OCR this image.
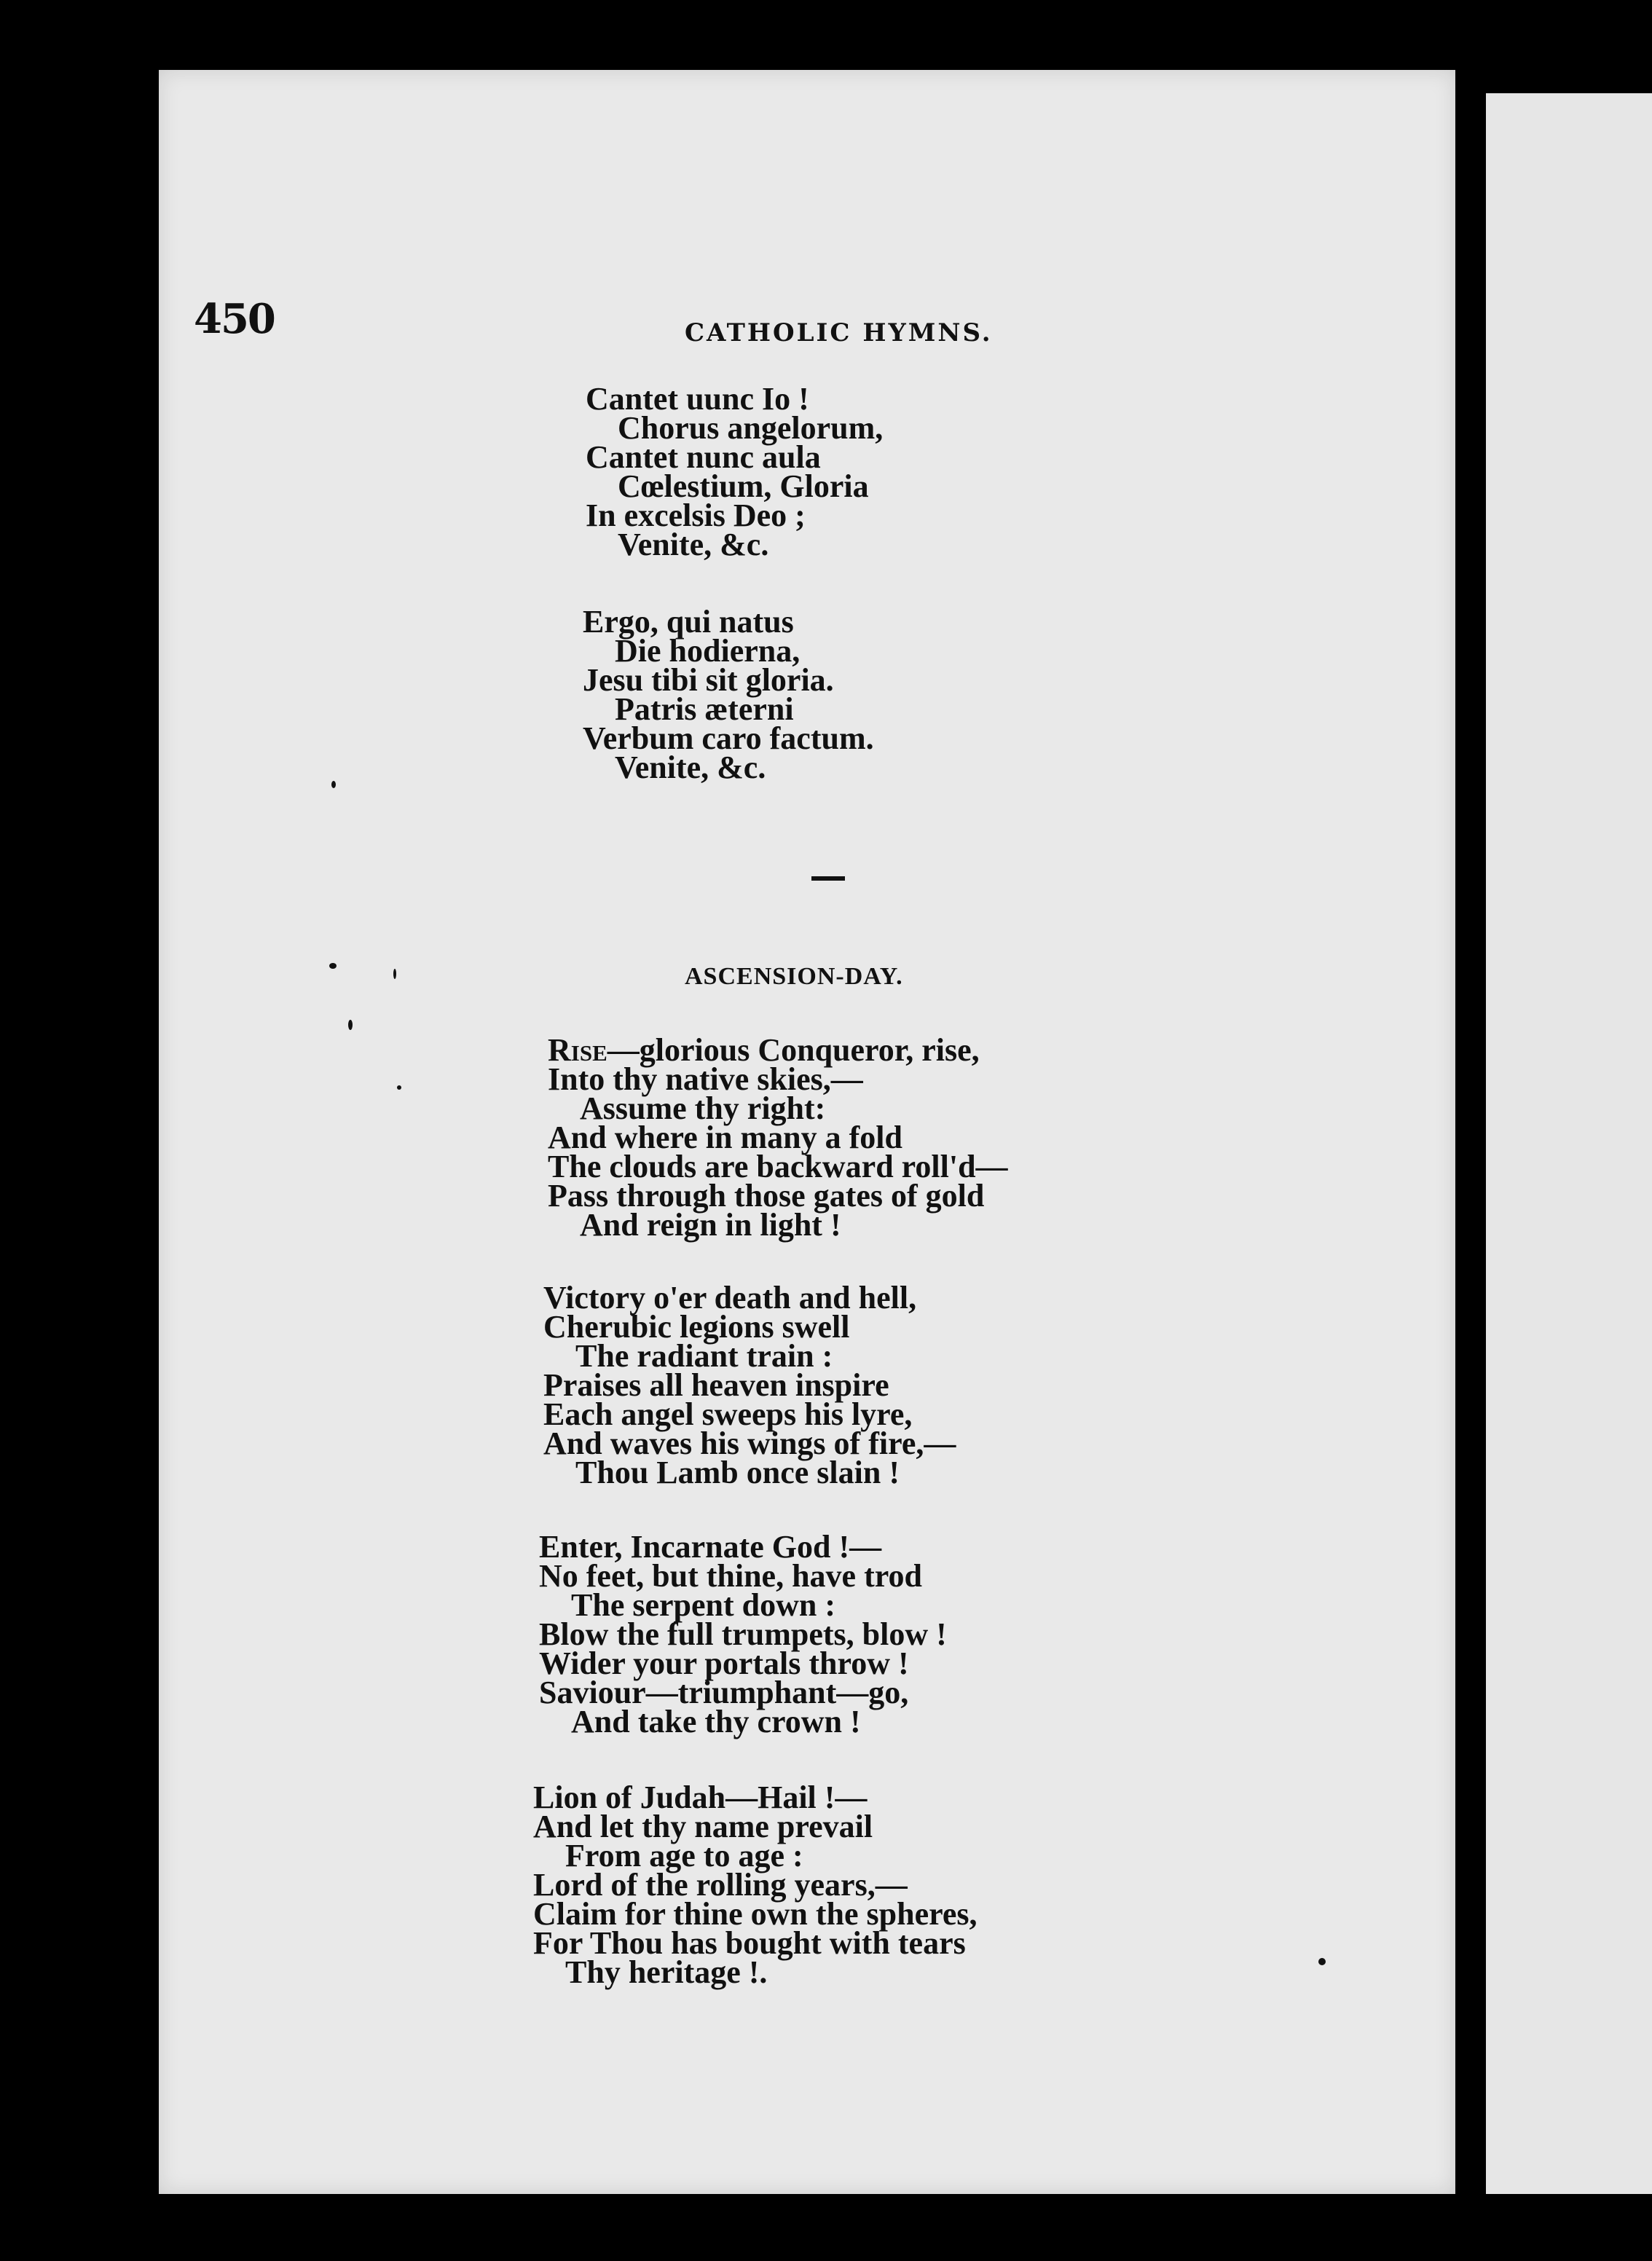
450	CATHOLIC HYMNS.
Cantet uunc Io !
Chorus angelorum,
Cantet nunc aula
Cœlestium, Gloria
In excelsis Deo ;
Venite, &c.
Ergo, qui natus
Die hodierna,
Jesu tibi sit gloria.
Patris æterni
Verbum caro factum.
Venite, &c.
ASCENSION-DAY.
Rise—glorious Conqueror, rise,
Into thy native skies,—
Assume thy right:
And where in many a fold
The clouds are backward roll'd—
Pass through those gates of gold
And reign in light !
Victory o'er death and hell,
Cherubic legions swell
The radiant train :
Praises all heaven inspire
Each angel sweeps his lyre,
And waves his wings of fire,—
Thou Lamb once slain !
Enter, Incarnate God !—
No feet, but thine, have trod
The serpent down :
Blow the full trumpets, blow !
Wider your portals throw !
Saviour—triumphant—go,
And take thy crown !
Lion of Judah—Hail !—
And let thy name prevail
From age to age :
Lord of the rolling years,—
Claim for thine own the spheres,
For Thou has bought with tears
Thy heritage !.
